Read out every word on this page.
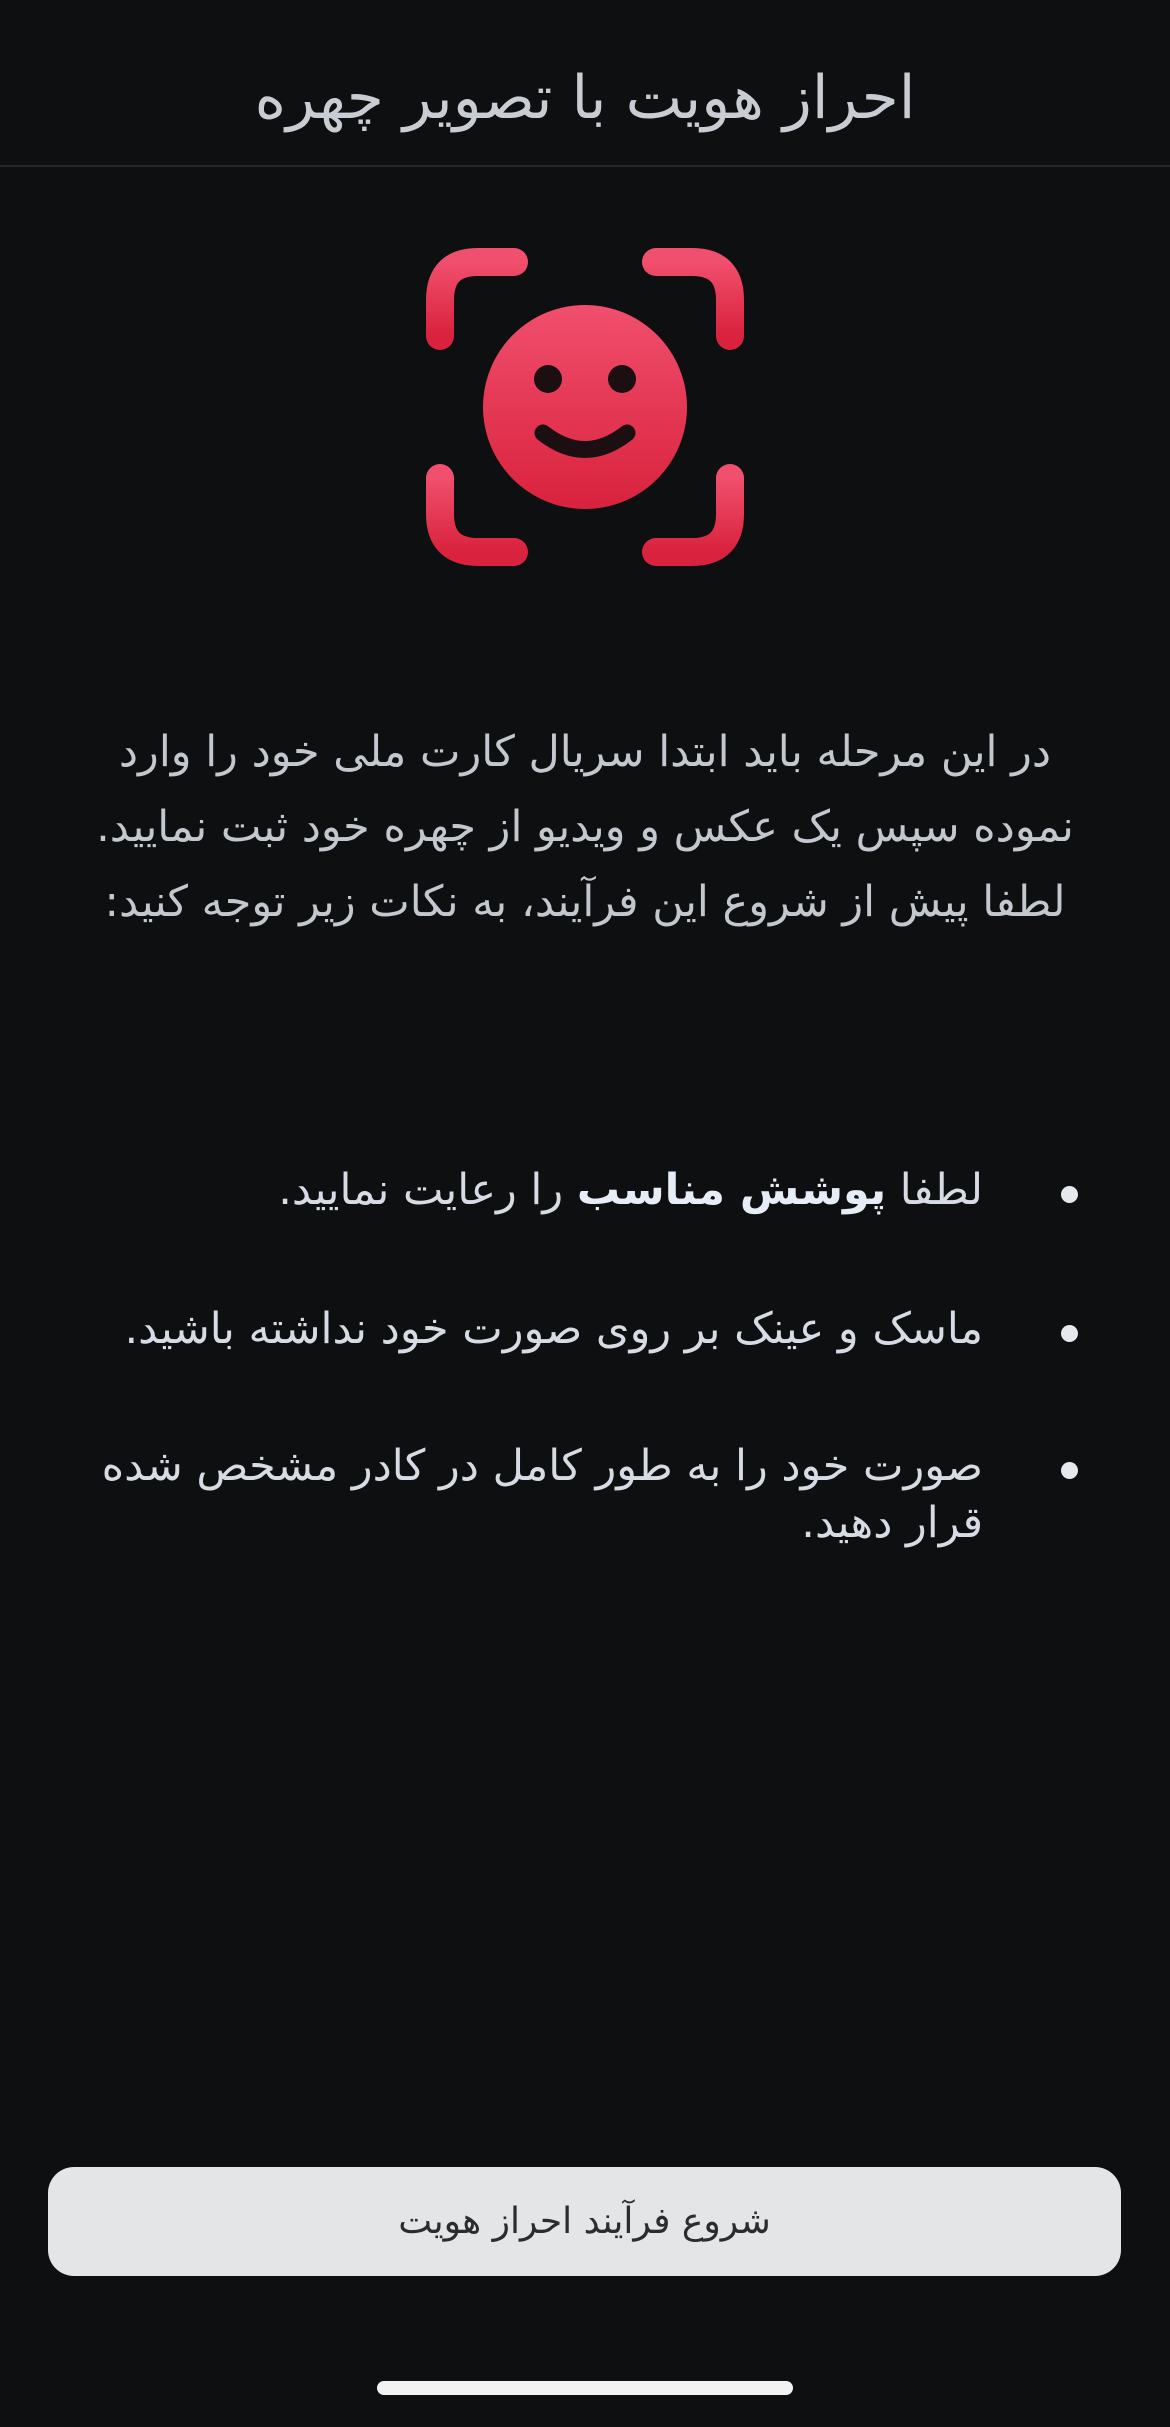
احراز هویت با تصویر چهره

در این مرحله باید ابتدا سریال کارت ملی خود را وارد نموده سپس یک عکس و ویدیو از چهره خود ثبت نمایید. لطفا پیش از شروع این فرآیند، به نکات زیر توجه کنید:

لطفا پوشش مناسب را رعایت نمایید.
ماسک و عینک بر روی صورت خود نداشته باشید.
صورت خود را به طور کامل در کادر مشخص شده قرار دهید.
شروع فرآیند احراز هویت
